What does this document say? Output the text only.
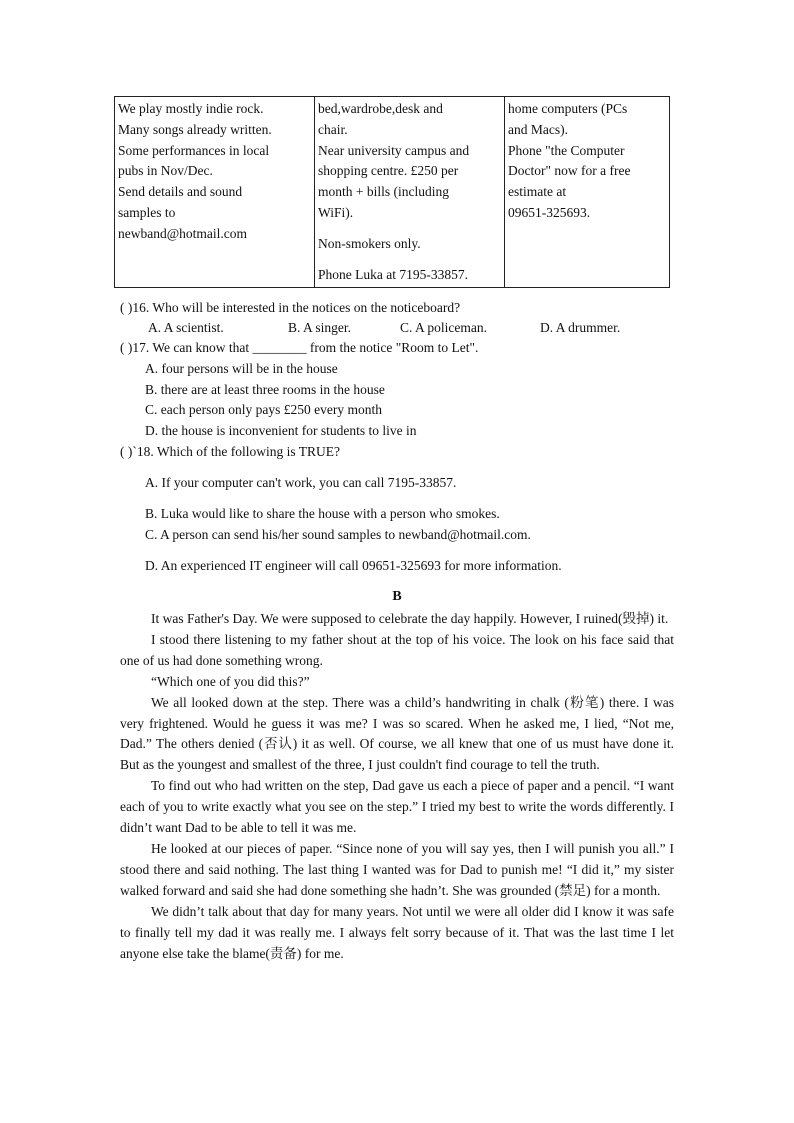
We play mostly indie rock.
Many songs already written.
Some performances in local
pubs in Nov/Dec.
Send details and sound
samples to
newband@hotmail.com

bed,wardrobe,desk and
chair.
Near university campus and
shopping centre. £250 per
month + bills (including
WiFi).
Non-smokers only.
Phone Luka at 7195-33857.

home computers (PCs
and Macs).
Phone "the Computer
Doctor" now for a free
estimate at
09651-325693.
( )16. Who will be interested in the notices on the noticeboard?
A. A scientist.	B. A singer.	C. A policeman.	D. A drummer.
( )17. We can know that ________ from the notice "Room to Let".
A. four persons will be in the house
B. there are at least three rooms in the house
C. each person only pays £250 every month
D. the house is inconvenient for students to live in
( )`18. Which of the following is TRUE?
A. If your computer can't work, you can call 7195-33857.
B. Luka would like to share the house with a person who smokes.
C. A person can send his/her sound samples to newband@hotmail.com.
D. An experienced IT engineer will call 09651-325693 for more information.
B

It was Father's Day. We were supposed to celebrate the day happily. However, I ruined(毁掉) it.

I stood there listening to my father shout at the top of his voice. The look on his face said that one of us had done something wrong.

“Which one of you did this?”

We all looked down at the step. There was a child’s handwriting in chalk (粉笔) there. I was very frightened. Would he guess it was me? I was so scared. When he asked me, I lied, “Not me, Dad.” The others denied (否认) it as well. Of course, we all knew that one of us must have done it. But as the youngest and smallest of the three, I just couldn't find courage to tell the truth.

To find out who had written on the step, Dad gave us each a piece of paper and a pencil. “I want each of you to write exactly what you see on the step.” I tried my best to write the words differently. I didn’t want Dad to be able to tell it was me.

He looked at our pieces of paper. “Since none of you will say yes, then I will punish you all.” I stood there and said nothing. The last thing I wanted was for Dad to punish me! “I did it,” my sister walked forward and said she had done something she hadn’t. She was grounded (禁足) for a month.

We didn’t talk about that day for many years. Not until we were all older did I know it was safe to finally tell my dad it was really me. I always felt sorry because of it. That was the last time I let anyone else take the blame(责备) for me.
